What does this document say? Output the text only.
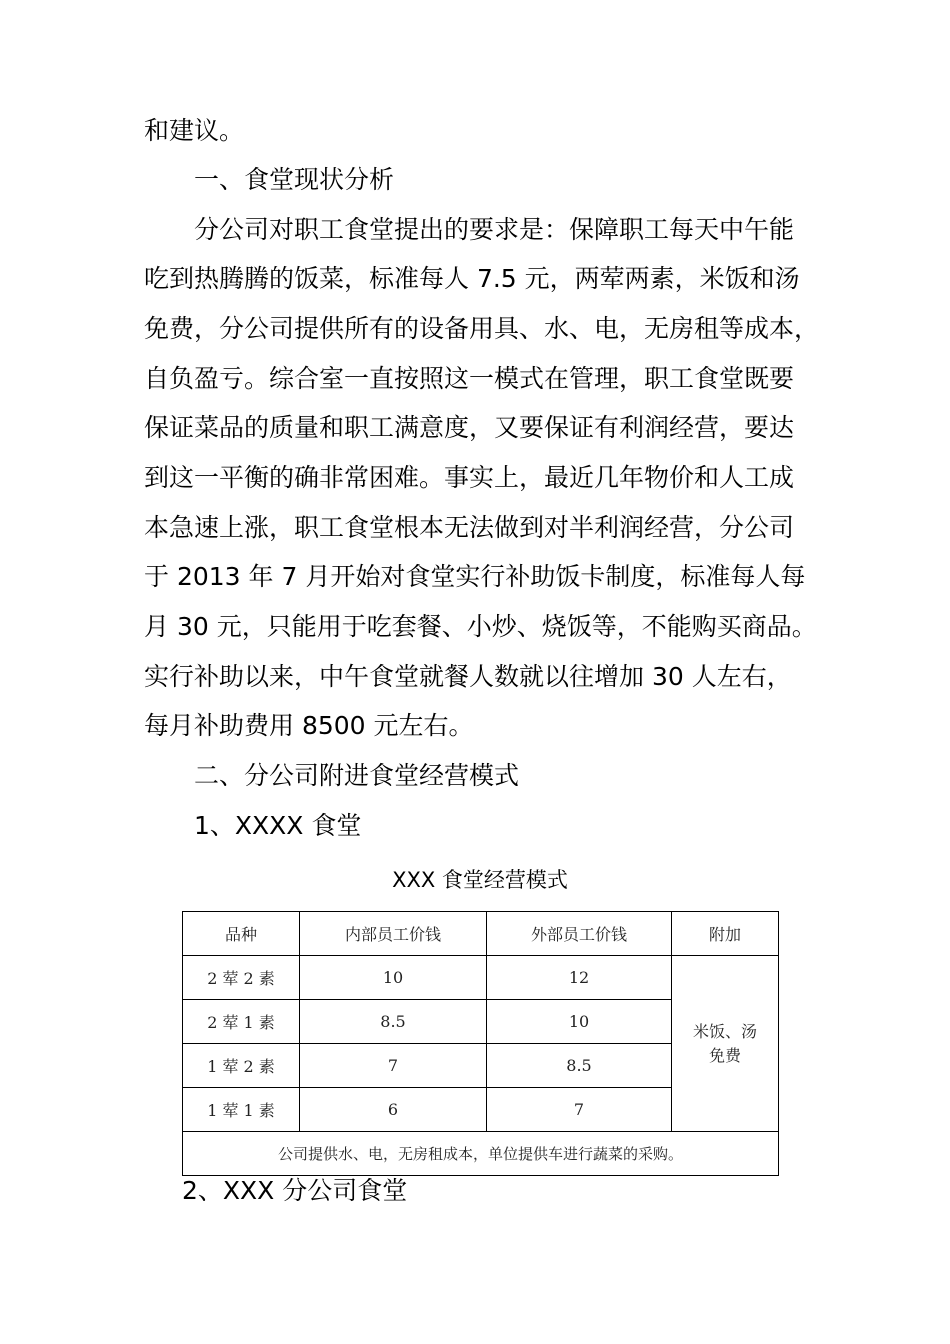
和建议。
一、食堂现状分析
分公司对职工食堂提出的要求是：保障职工每天中午能
吃到热腾腾的饭菜，标准每人 7.5 元，两荤两素，米饭和汤
免费，分公司提供所有的设备用具、水、电，无房租等成本，
自负盈亏。综合室一直按照这一模式在管理，职工食堂既要
保证菜品的质量和职工满意度，又要保证有利润经营，要达
到这一平衡的确非常困难。事实上，最近几年物价和人工成
本急速上涨，职工食堂根本无法做到对半利润经营，分公司
于 2013 年 7 月开始对食堂实行补助饭卡制度，标准每人每
月 30 元，只能用于吃套餐、小炒、烧饭等，不能购买商品。
实行补助以来，中午食堂就餐人数就以往增加 30 人左右，
每月补助费用 8500 元左右。
二、分公司附进食堂经营模式
1、XXXX 食堂
XXX 食堂经营模式
品种	内部员工价钱	外部员工价钱	附加
2 荤 2 素	10	12	米饭、汤
免费
2 荤 1 素	8.5	10	
1 荤 2 素	7	8.5	
1 荤 1 素	6	7	
公司提供水、电，无房租成本，单位提供车进行蔬菜的采购。			
2、XXX 分公司食堂
